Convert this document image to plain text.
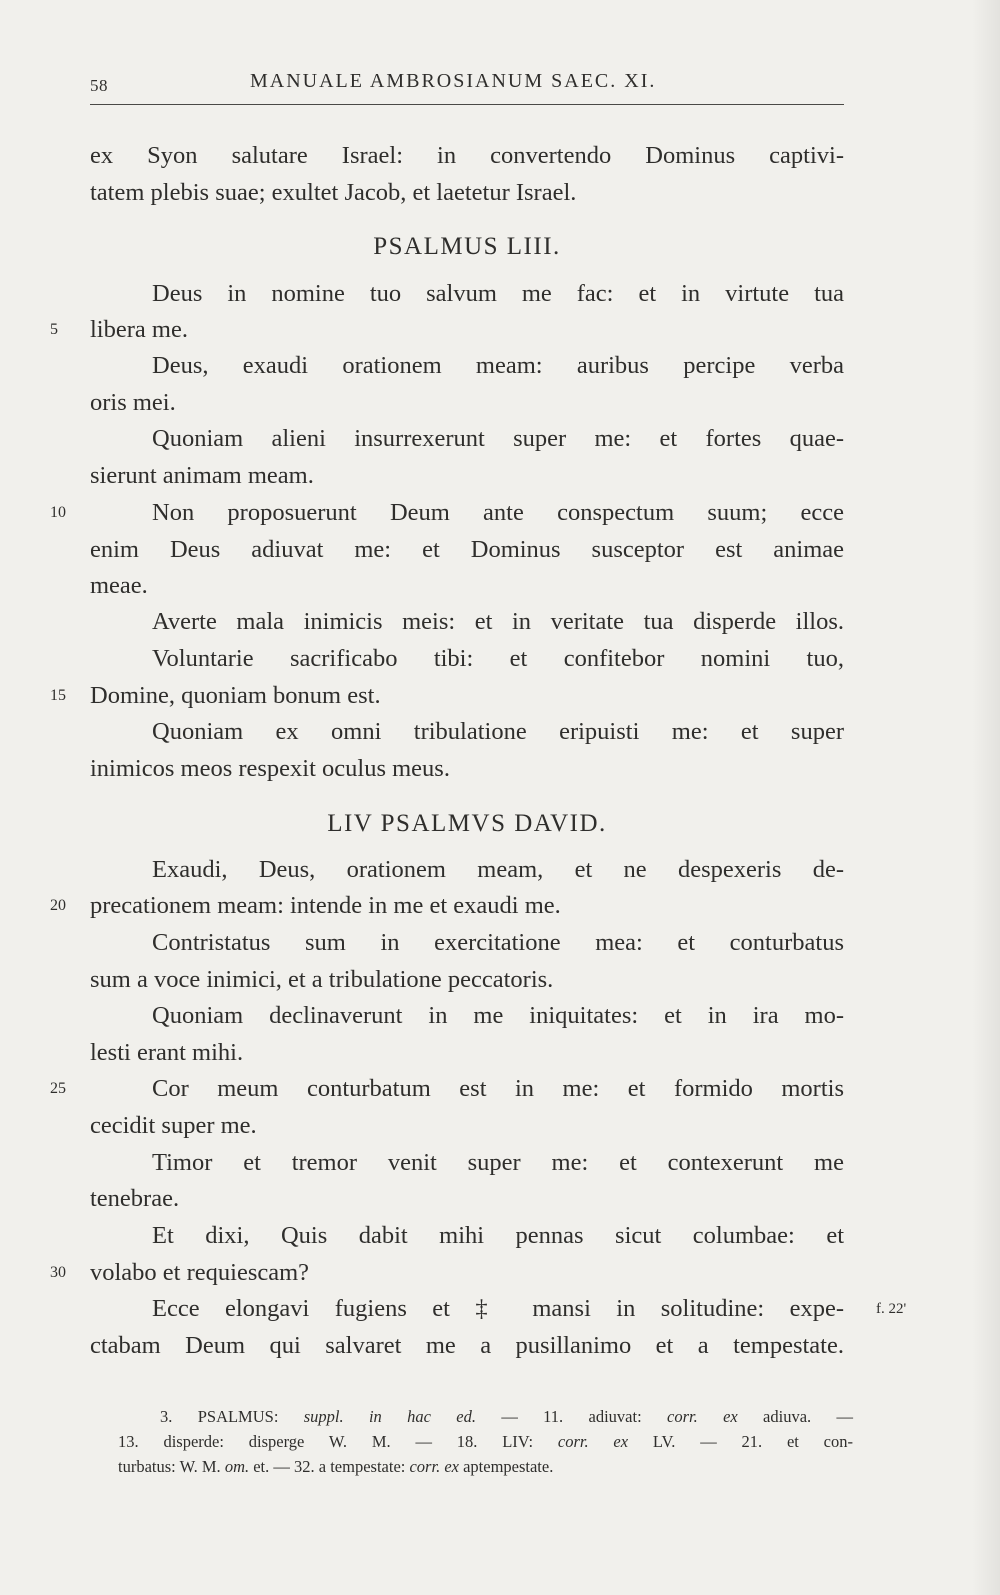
58	MANUALE AMBROSIANUM SAEC. XI.
ex Syon salutare Israel: in convertendo Dominus captivi-
tatem plebis suae; exultet Jacob, et laetetur Israel.
PSALMUS LIII.
Deus in nomine tuo salvum me fac: et in virtute tua
libera me.
Deus, exaudi orationem meam: auribus percipe verba
oris mei.
Quoniam alieni insurrexerunt super me: et fortes quae-
sierunt animam meam.
Non proposuerunt Deum ante conspectum suum; ecce
enim Deus adiuvat me: et Dominus susceptor est animae
meae.
Averte mala inimicis meis: et in veritate tua disperde illos.
Voluntarie sacrificabo tibi: et confitebor nomini tuo,
Domine, quoniam bonum est.
Quoniam ex omni tribulatione eripuisti me: et super
inimicos meos respexit oculus meus.
LIV PSALMVS DAVID.
Exaudi, Deus, orationem meam, et ne despexeris de-
precationem meam: intende in me et exaudi me.
Contristatus sum in exercitatione mea: et conturbatus
sum a voce inimici, et a tribulatione peccatoris.
Quoniam declinaverunt in me iniquitates: et in ira mo-
lesti erant mihi.
Cor meum conturbatum est in me: et formido mortis
cecidit super me.
Timor et tremor venit super me: et contexerunt me
tenebrae.
Et dixi, Quis dabit mihi pennas sicut columbae: et
volabo et requiescam?
Ecce elongavi fugiens et ‡ mansi in solitudine: expe-
ctabam Deum qui salvaret me a pusillanimo et a tempestate.
5
10
15
20
25
30
f. 22'
3. PSALMUS: suppl. in hac ed. — 11. adiuvat: corr. ex adiuva. —
13. disperde: disperge W. M. — 18. LIV: corr. ex LV. — 21. et con-
turbatus: W. M. om. et. — 32. a tempestate: corr. ex aptempestate.
